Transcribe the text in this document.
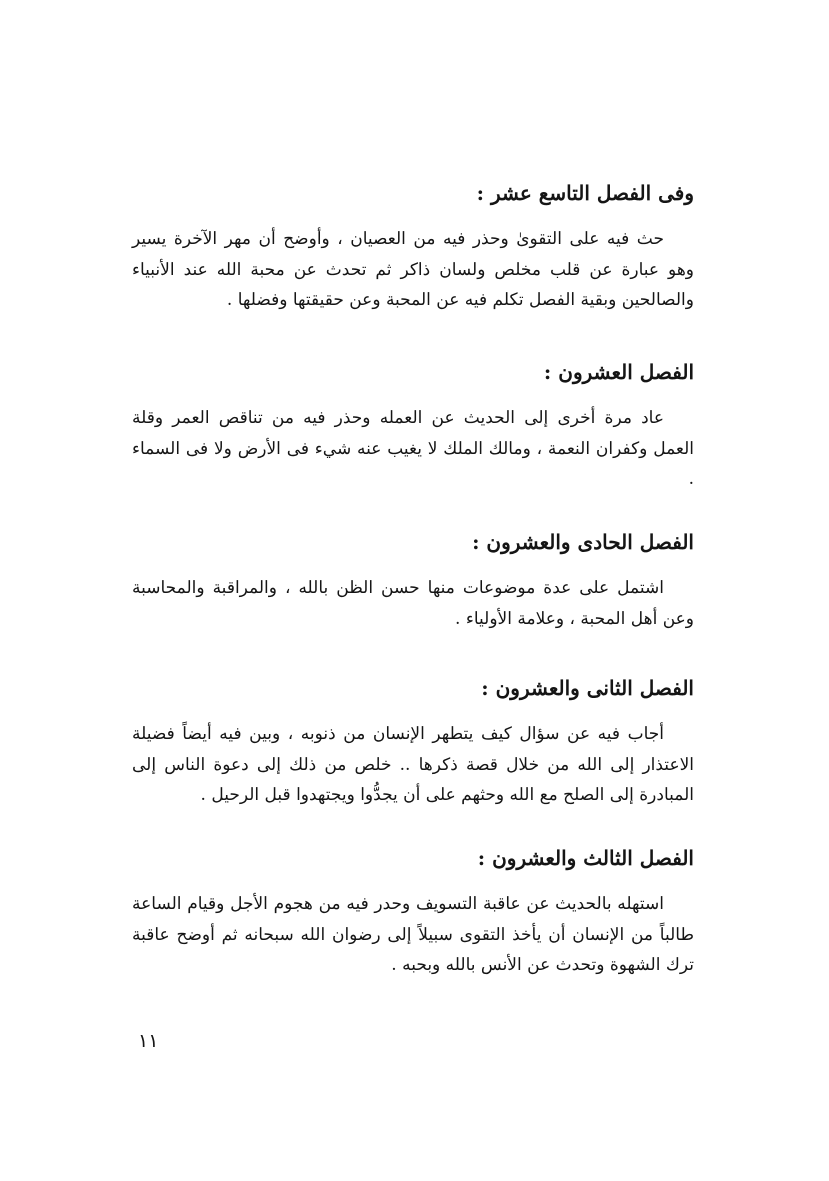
وفى الفصل التاسع عشر :

حث فيه على التقوىٰ وحذر فيه من العصيان ، وأوضح أن مهر الآخرة يسير وهو عبارة عن قلب مخلص ولسان ذاكر ثم تحدث عن محبة الله عند الأنبياء والصالحين وبقية الفصل تكلم فيه عن المحبة وعن حقيقتها وفضلها .

الفصل العشرون :

عاد مرة أخرى إلى الحديث عن العمله وحذر فيه من تناقص العمر وقلة العمل وكفران النعمة ، ومالك الملك لا يغيب عنه شيء فى الأرض ولا فى السماء .

الفصل الحادى والعشرون :

اشتمل على عدة موضوعات منها حسن الظن بالله ، والمراقبة والمحاسبة وعن أهل المحبة ، وعلامة الأولياء .

الفصل الثانى والعشرون :

أجاب فيه عن سؤال كيف يتطهر الإنسان من ذنوبه ، وبين فيه أيضاً فضيلة الاعتذار إلى الله من خلال قصة ذكرها .. خلص من ذلك إلى دعوة الناس إلى المبادرة إلى الصلح مع الله وحثهم على أن يجدُّوا ويجتهدوا قبل الرحيل .

الفصل الثالث والعشرون :

استهله بالحديث عن عاقبة التسويف وحدر فيه من هجوم الأجل وقيام الساعة طالباً من الإنسان أن يأخذ التقوى سبيلاً إلى رضوان الله سبحانه ثم أوضح عاقبة ترك الشهوة وتحدث عن الأنس بالله وبحبه .

١١
